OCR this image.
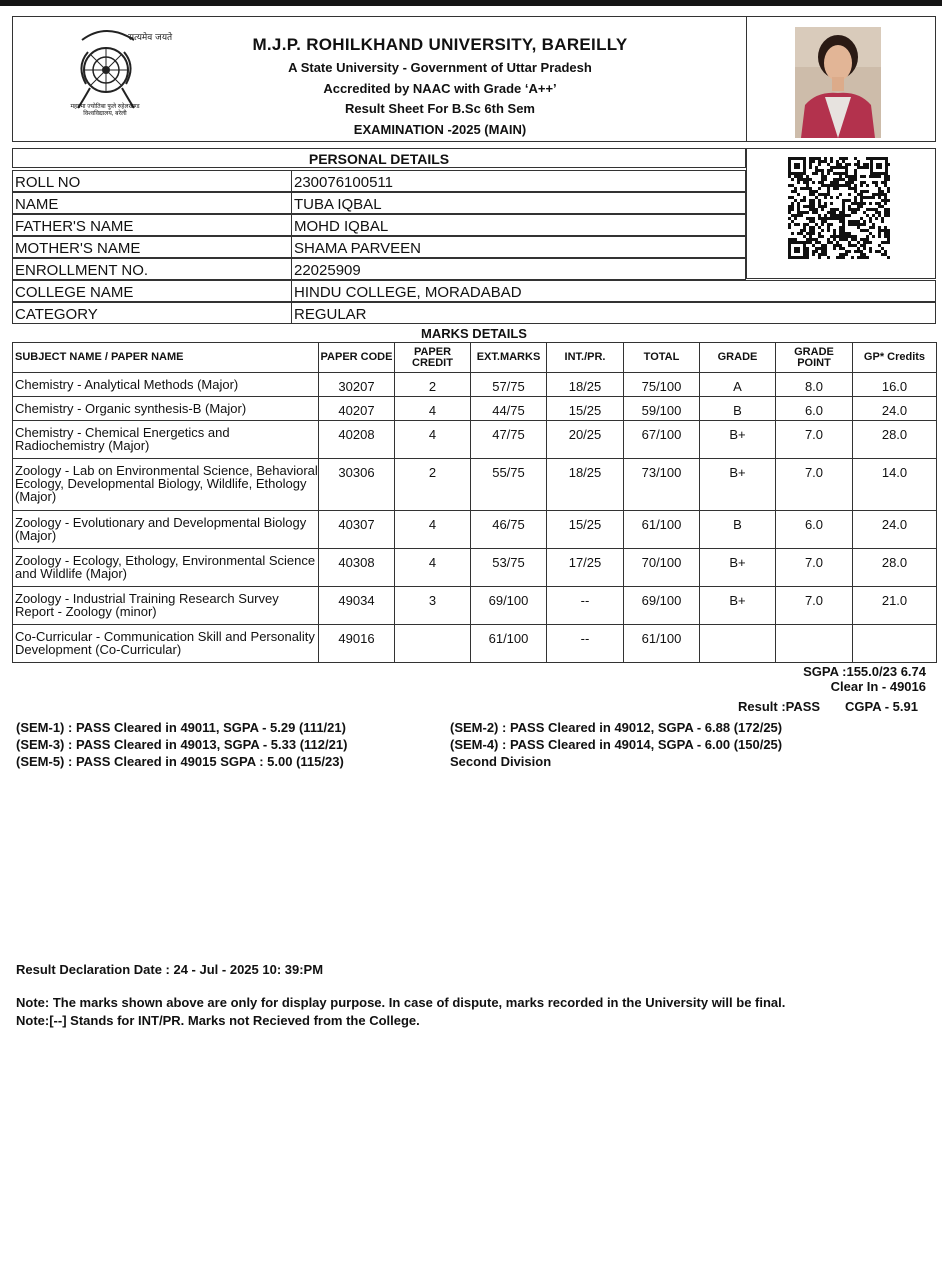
सत्यमेव जयते
महात्मा ज्योतिबा फुले रुहेलखण्ड विश्वविद्यालय, बरेली
M.J.P. ROHILKHAND UNIVERSITY, BAREILLY
A State University - Government of Uttar Pradesh
Accredited by NAAC with Grade ‘A++’
Result Sheet For B.Sc 6th Sem
EXAMINATION -2025 (MAIN)
PERSONAL DETAILS
ROLL NO	230076100511
NAME	TUBA IQBAL
FATHER'S NAME	MOHD IQBAL
MOTHER'S NAME	SHAMA PARVEEN
ENROLLMENT NO.	22025909
COLLEGE NAME	HINDU COLLEGE, MORADABAD
CATEGORY	REGULAR
MARKS DETAILS
SUBJECT NAME / PAPER NAME	PAPER CODE	PAPER CREDIT	EXT.MARKS	INT./PR.	TOTAL	GRADE	GRADE POINT	GP* Credits
Chemistry - Analytical Methods (Major)	30207	2	57/75	18/25	75/100	A	8.0	16.0
Chemistry - Organic synthesis-B (Major)	40207	4	44/75	15/25	59/100	B	6.0	24.0
Chemistry - Chemical Energetics and Radiochemistry (Major)	40208	4	47/75	20/25	67/100	B+	7.0	28.0
Zoology - Lab on Environmental Science, Behavioral Ecology, Developmental Biology, Wildlife, Ethology (Major)	30306	2	55/75	18/25	73/100	B+	7.0	14.0
Zoology - Evolutionary and Developmental Biology (Major)	40307	4	46/75	15/25	61/100	B	6.0	24.0
Zoology - Ecology, Ethology, Environmental Science and Wildlife (Major)	40308	4	53/75	17/25	70/100	B+	7.0	28.0
Zoology - Industrial Training Research Survey Report - Zoology (minor)	49034	3	69/100	--	69/100	B+	7.0	21.0
Co-Curricular - Communication Skill and Personality Development (Co-Curricular)	49016		61/100	--	61/100			
SGPA :155.0/23 6.74
Clear In - 49016
Result :PASS CGPA - 5.91
(SEM-1) : PASS Cleared in 49011, SGPA - 5.29 (111/21)
(SEM-3) : PASS Cleared in 49013, SGPA - 5.33 (112/21)
(SEM-5) : PASS Cleared in 49015 SGPA : 5.00 (115/23)
(SEM-2) : PASS Cleared in 49012, SGPA - 6.88 (172/25)
(SEM-4) : PASS Cleared in 49014, SGPA - 6.00 (150/25)
Second Division
Result Declaration Date : 24 - Jul - 2025 10: 39:PM
Note: The marks shown above are only for display purpose. In case of dispute, marks recorded in the University will be final.
Note:[--] Stands for INT/PR. Marks not Recieved from the College.
